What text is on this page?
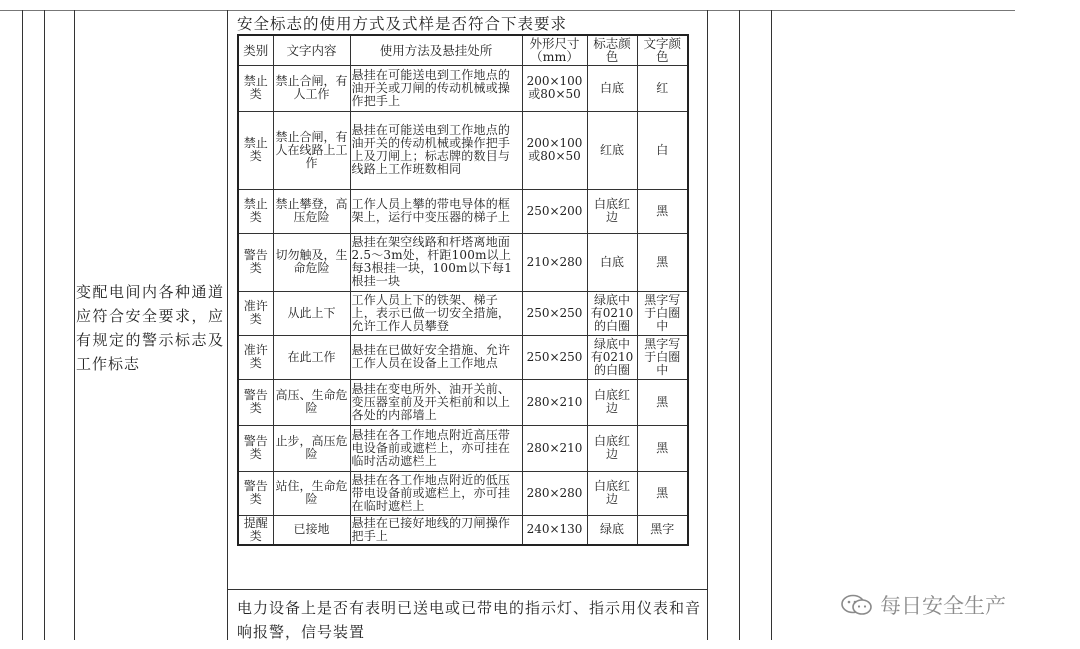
变配电间内各种通道应符合安全要求，应有规定的警示标志及工作标志
安全标志的使用方式及式样是否符合下表要求
类别	文字内容	使用方法及悬挂处所	外形尺寸（mm）	标志颜色	文字颜色
禁止类	禁止合闸，有人工作	悬挂在可能送电到工作地点的油开关或刀闸的传动机械或操作把手上	200×100或80×50	白底	红
禁止类	禁止合闸，有人在线路上工作	悬挂在可能送电到工作地点的油开关的传动机械或操作把手上及刀闸上；标志牌的数目与线路上工作班数相同	200×100或80×50	红底	白
禁止类	禁止攀登，高压危险	工作人员上攀的带电导体的框架上，运行中变压器的梯子上	250×200	白底红边	黑
警告类	切勿触及，生命危险	悬挂在架空线路和杆塔离地面2.5～3m处，杆距100m以上每3根挂一块，100m以下每1根挂一块	210×280	白底	黑
准许类	从此上下	工作人员上下的铁架、梯子上，表示已做一切安全措施，允许工作人员攀登	250×250	绿底中有0210的白圈	黑字写于白圈中
准许类	在此工作	悬挂在已做好安全措施、允许工作人员在设备上工作地点	250×250	绿底中有0210的白圈	黑字写于白圈中
警告类	高压、生命危险	悬挂在变电所外、油开关前、变压器室前及开关柜前和以上各处的内部墙上	280×210	白底红边	黑
警告类	止步，高压危险	悬挂在各工作地点附近高压带电设备前或遮栏上，亦可挂在临时活动遮栏上	280×210	白底红边	黑
警告类	站住，生命危险	悬挂在各工作地点附近的低压带电设备前或遮栏上，亦可挂在临时遮栏上	280×280	白底红边	黑
提醒类	已接地	悬挂在已接好地线的刀闸操作把手上	240×130	绿底	黑字
电力设备上是否有表明已送电或已带电的指示灯、指示用仪表和音响报警，信号装置
每日安全生产
